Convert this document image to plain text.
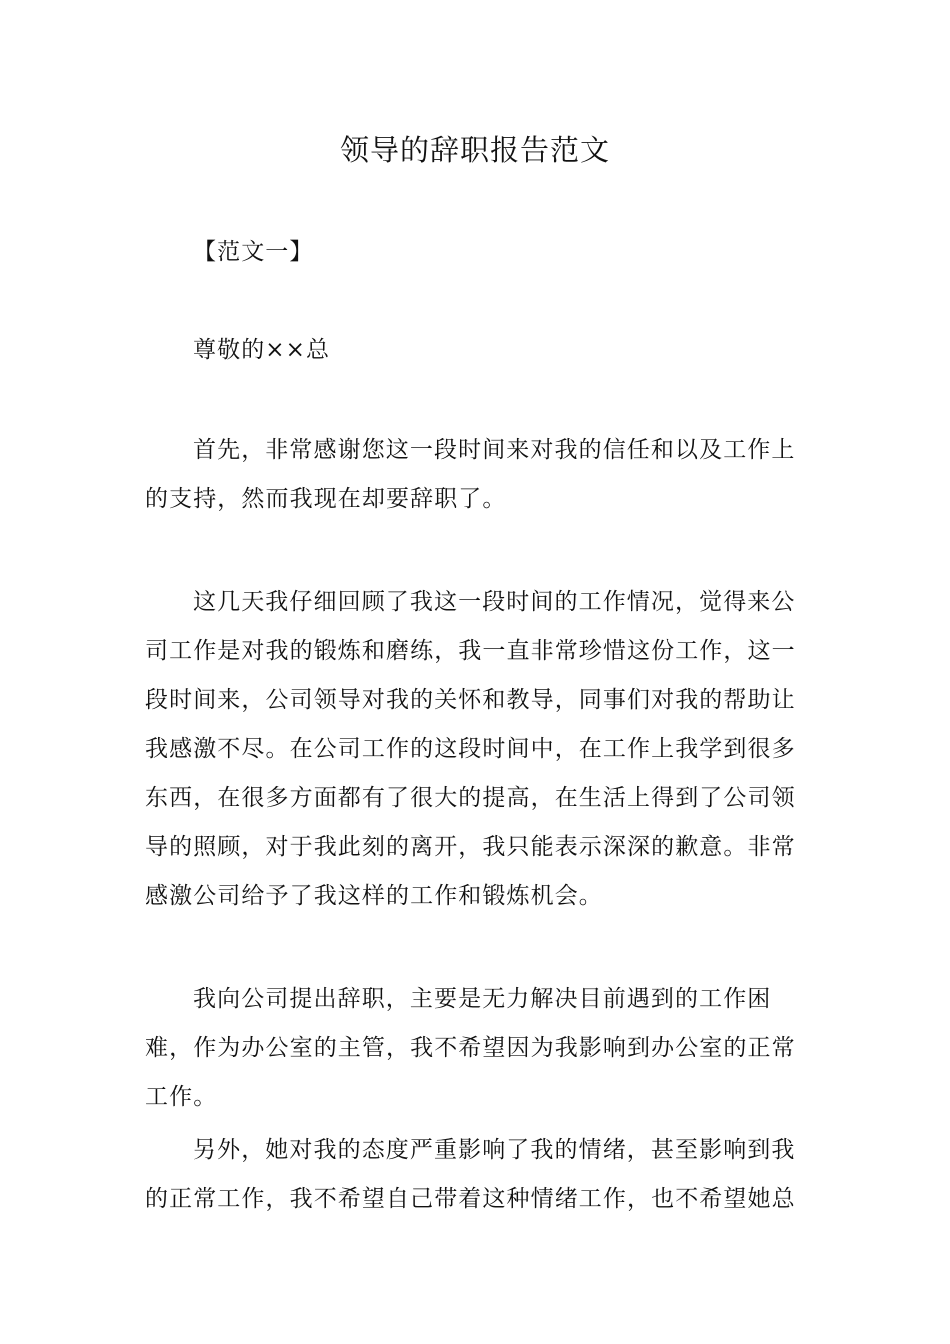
领导的辞职报告范文

【范文一】

尊敬的××总

首先，非常感谢您这一段时间来对我的信任和以及工作上的支持，然而我现在却要辞职了。

这几天我仔细回顾了我这一段时间的工作情况，觉得来公司工作是对我的锻炼和磨练，我一直非常珍惜这份工作，这一段时间来，公司领导对我的关怀和教导，同事们对我的帮助让我感激不尽。在公司工作的这段时间中，在工作上我学到很多东西，在很多方面都有了很大的提高，在生活上得到了公司领导的照顾，对于我此刻的离开，我只能表示深深的歉意。非常感激公司给予了我这样的工作和锻炼机会。

我向公司提出辞职，主要是无力解决目前遇到的工作困难，作为办公室的主管，我不希望因为我影响到办公室的正常工作。

另外，她对我的态度严重影响了我的情绪，甚至影响到我的正常工作，我不希望自己带着这种情绪工作，也不希望她总
